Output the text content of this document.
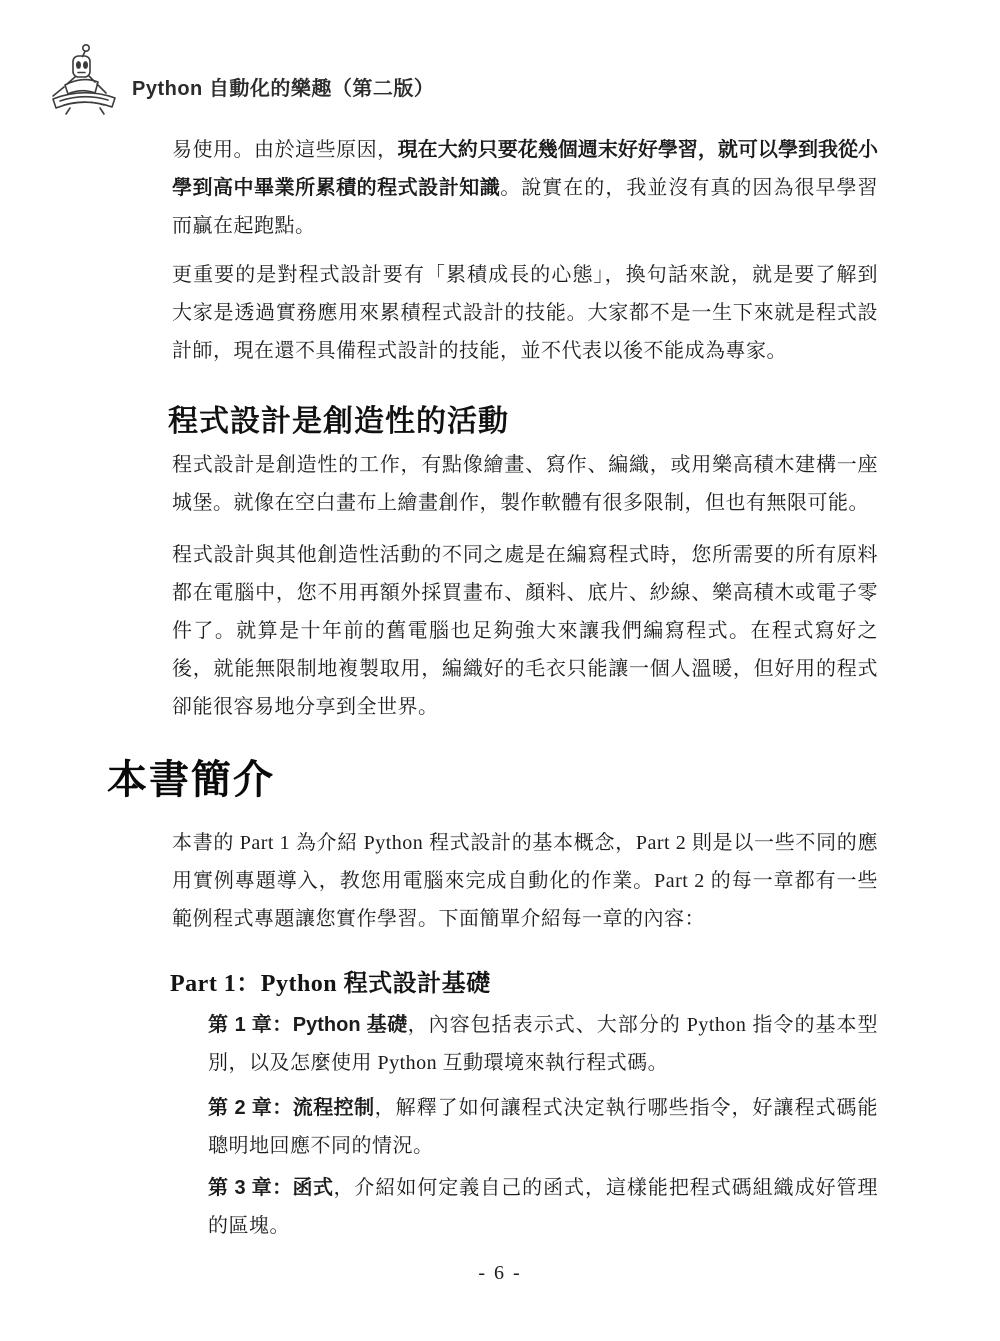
Python 自動化的樂趣（第二版）

易使用。由於這些原因，現在大約只要花幾個週末好好學習，就可以學到我從小學到高中畢業所累積的程式設計知識。說實在的，我並沒有真的因為很早學習而贏在起跑點。

更重要的是對程式設計要有「累積成長的心態」，換句話來說，就是要了解到大家是透過實務應用來累積程式設計的技能。大家都不是一生下來就是程式設計師，現在還不具備程式設計的技能，並不代表以後不能成為專家。

程式設計是創造性的活動

程式設計是創造性的工作，有點像繪畫、寫作、編織，或用樂高積木建構一座城堡。就像在空白畫布上繪畫創作，製作軟體有很多限制，但也有無限可能。

程式設計與其他創造性活動的不同之處是在編寫程式時，您所需要的所有原料都在電腦中，您不用再額外採買畫布、顏料、底片、紗線、樂高積木或電子零件了。就算是十年前的舊電腦也足夠強大來讓我們編寫程式。在程式寫好之後，就能無限制地複製取用，編織好的毛衣只能讓一個人溫暖，但好用的程式卻能很容易地分享到全世界。

本書簡介

本書的 Part 1 為介紹 Python 程式設計的基本概念，Part 2 則是以一些不同的應用實例專題導入，教您用電腦來完成自動化的作業。Part 2 的每一章都有一些範例程式專題讓您實作學習。下面簡單介紹每一章的內容：

Part 1：Python 程式設計基礎

第 1 章：Python 基礎，內容包括表示式、大部分的 Python 指令的基本型別，以及怎麼使用 Python 互動環境來執行程式碼。

第 2 章：流程控制，解釋了如何讓程式決定執行哪些指令，好讓程式碼能聰明地回應不同的情況。

第 3 章：函式，介紹如何定義自己的函式，這樣能把程式碼組織成好管理的區塊。

- 6 -
